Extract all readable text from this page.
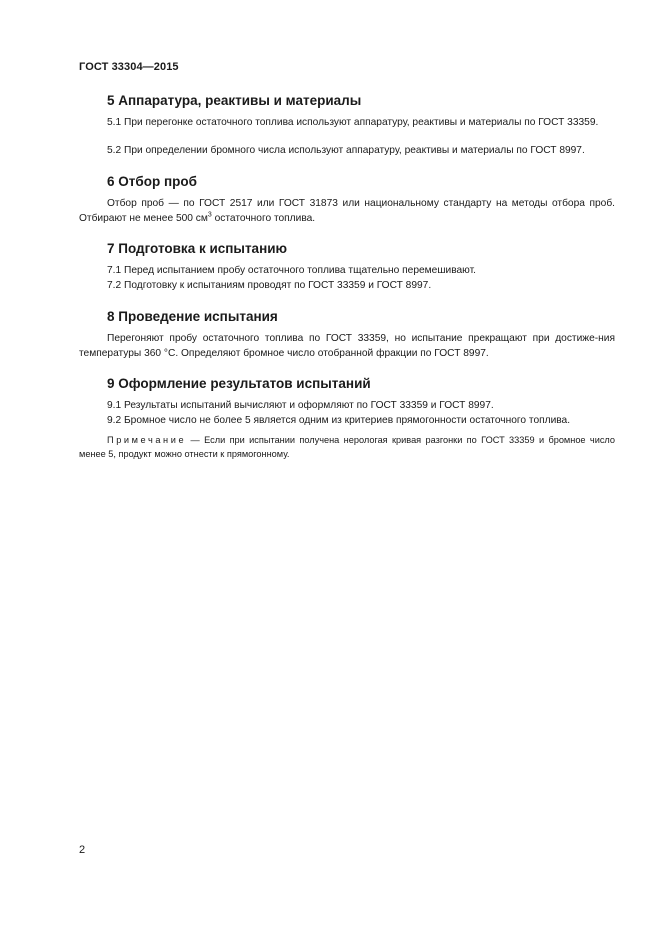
ГОСТ 33304—2015
5 Аппаратура, реактивы и материалы

5.1 При перегонке остаточного топлива используют аппаратуру, реактивы и материалы по ГОСТ 33359.

5.2 При определении бромного числа используют аппаратуру, реактивы и материалы по ГОСТ 8997.

6 Отбор проб

Отбор проб — по ГОСТ 2517 или ГОСТ 31873 или национальному стандарту на методы отбора проб. Отбирают не менее 500 $см^3$ остаточного топлива.

7 Подготовка к испытанию

7.1 Перед испытанием пробу остаточного топлива тщательно перемешивают.

7.2 Подготовку к испытаниям проводят по ГОСТ 33359 и ГОСТ 8997.

8 Проведение испытания

Перегоняют пробу остаточного топлива по ГОСТ 33359, но испытание прекращают при достиже-ния температуры 360 °С. Определяют бромное число отобранной фракции по ГОСТ 8997.

9 Оформление результатов испытаний

9.1 Результаты испытаний вычисляют и оформляют по ГОСТ 33359 и ГОСТ 8997.

9.2 Бромное число не более 5 является одним из критериев прямогонности остаточного топлива.

Примечание — Если при испытании получена неpологая кривая разгонки по ГОСТ 33359 и бромное число менее 5, продукт можно отнести к прямогонному.

2
